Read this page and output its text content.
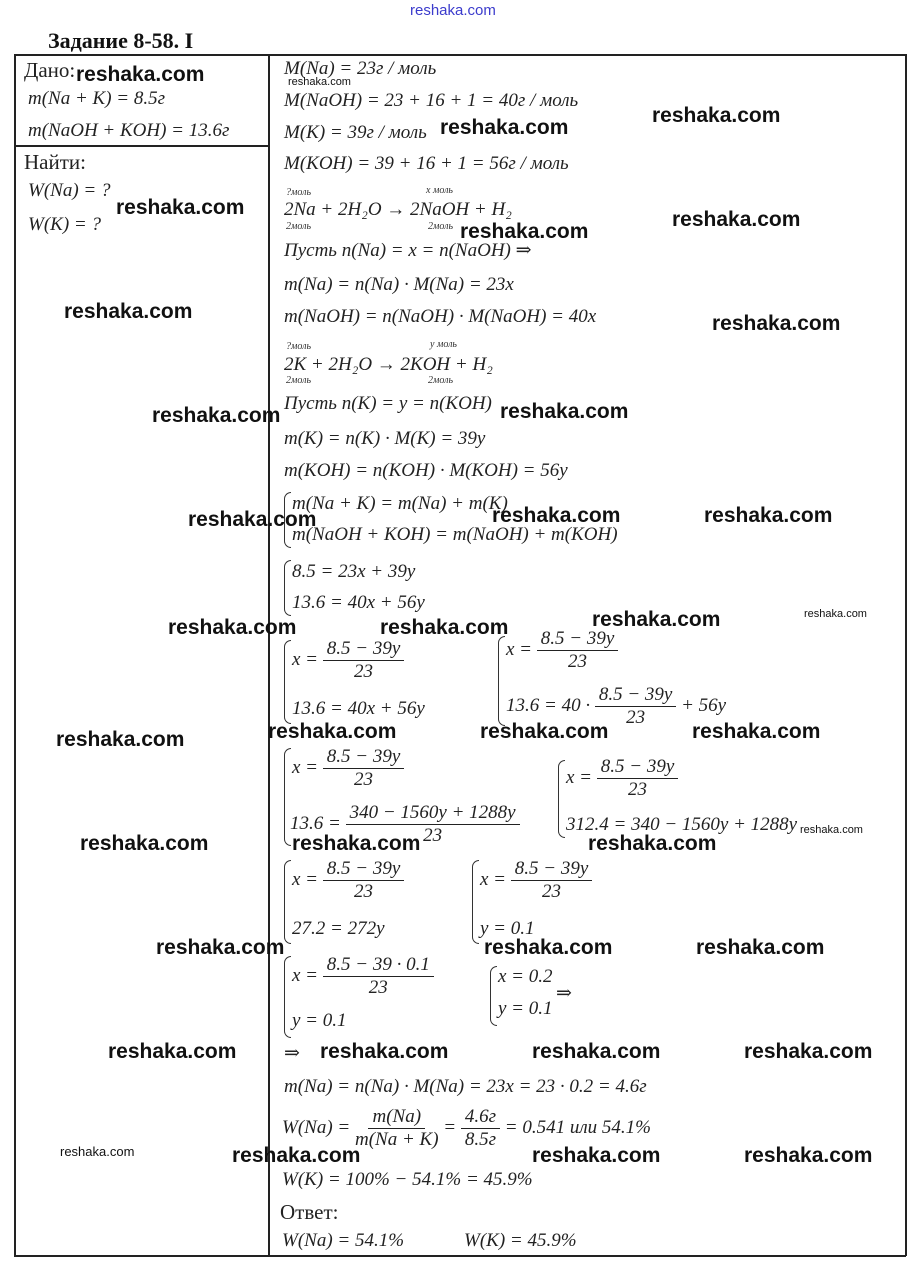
reshaka.com
Задание 8-58. I
Дано:
m(Na + K) = 8.5г
m(NaOH + KOH) = 13.6г
Найти:
W(Na) = ?
W(K) = ?
M(Na) = 23г / моль
M(NaOH) = 23 + 16 + 1 = 40г / моль
M(K) = 39г / моль
M(KOH) = 39 + 16 + 1 = 56г / моль
?моль	x моль
2Na + 2H₂O → 2NaOH + H₂
2моль	2моль
Пусть n(Na) = x = n(NaOH) ⇒
m(Na) = n(Na) · M(Na) = 23x
m(NaOH) = n(NaOH) · M(NaOH) = 40x
?моль	y моль
2K + 2H₂O → 2KOH + H₂
2моль	2моль
Пусть n(K) = y = n(KOH)
m(K) = n(K) · M(K) = 39y
m(KOH) = n(KOH) · M(KOH) = 56y
m(Na + K) = m(Na) + m(K)
m(NaOH + KOH) = m(NaOH) + m(KOH)
8.5 = 23x + 39y
13.6 = 40x + 56y
$x = \frac{8.5 - 39y}{23}$
13.6 = 40x + 56y
$x = \frac{8.5 - 39y}{23}$
$13.6 = 40 \cdot \frac{8.5 - 39y}{23} + 56y$
$x = \frac{8.5 - 39y}{23}$
$13.6 = \frac{340 - 1560y + 1288y}{23}$
$x = \frac{8.5 - 39y}{23}$
312.4 = 340 − 1560y + 1288y
$x = \frac{8.5 - 39y}{23}$
27.2 = 272y
$x = \frac{8.5 - 39y}{23}$
y = 0.1
$x = \frac{8.5 - 39 \cdot 0.1}{23}$
y = 0.1
x = 0.2
y = 0.1
⇒
⇒
m(Na) = n(Na) · M(Na) = 23x = 23 · 0.2 = 4.6г
$W(Na) = \frac{m(Na)}{m(Na + K)} = \frac{4.6г}{8.5г} = 0.541$ или 54.1%
W(K) = 100% − 54.1% = 45.9%
Ответ:
W(Na) = 54.1%	W(K) = 45.9%
reshaka.com	reshaka.com
reshaka.com
reshaka.com
reshaka.com
reshaka.com
reshaka.com
reshaka.com
reshaka.com
reshaka.com	reshaka.com
reshaka.com	reshaka.com	reshaka.com
reshaka.com
reshaka.com	reshaka.com	reshaka.com
reshaka.com	reshaka.com	reshaka.com	reshaka.com
reshaka.com
reshaka.com	reshaka.com	reshaka.com
reshaka.com	reshaka.com	reshaka.com
reshaka.com	reshaka.com	reshaka.com	reshaka.com
reshaka.com	reshaka.com	reshaka.com	reshaka.com
